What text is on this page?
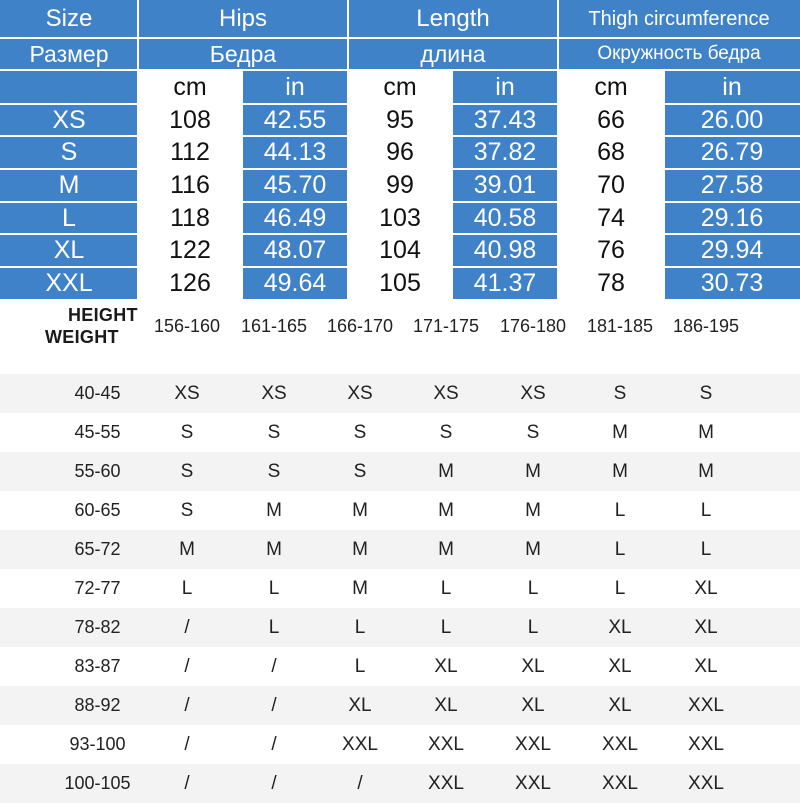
Size	Hips	Length	Thigh circumference
Размер	Бедра	длина	Окружность бедра
cm	in	cm	in	cm	in
XS	108	42.55	95	37.43	66	26.00
S	112	44.13	96	37.82	68	26.79
M	116	45.70	99	39.01	70	27.58
L	118	46.49	103	40.58	74	29.16
XL	122	48.07	104	40.98	76	29.94
XXL	126	49.64	105	41.37	78	30.73
HEIGHT
WEIGHT
156-160	161-165	166-170	171-175	176-180	181-185	186-195
40-45	XS	XS	XS	XS	XS	S	S
45-55	S	S	S	S	S	M	M
55-60	S	S	S	M	M	M	M
60-65	S	M	M	M	M	L	L
65-72	M	M	M	M	M	L	L
72-77	L	L	M	L	L	L	XL
78-82	/	L	L	L	L	XL	XL
83-87	/	/	L	XL	XL	XL	XL
88-92	/	/	XL	XL	XL	XL	XXL
93-100	/	/	XXL	XXL	XXL	XXL	XXL
100-105	/	/	/	XXL	XXL	XXL	XXL
